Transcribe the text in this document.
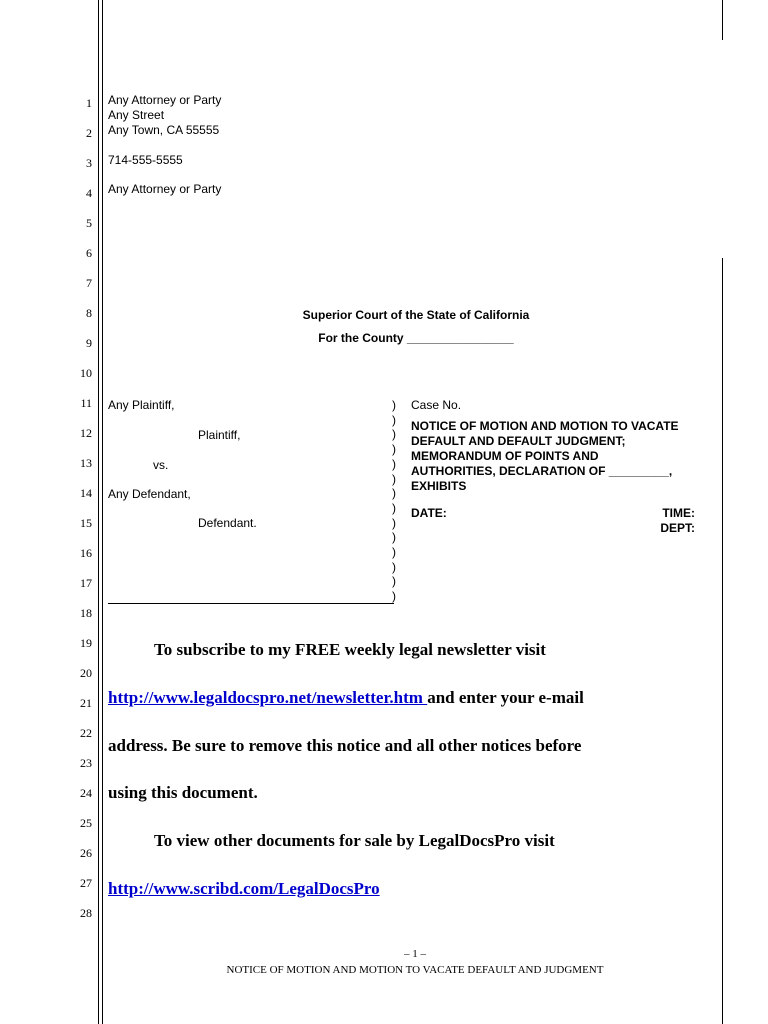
1
2
3
4
5
6
7
8
9
10
11
12
13
14
15
16
17
18
19
20
21
22
23
24
25
26
27
28
Any Attorney or Party
Any Street
Any Town, CA 55555
714-555-5555
Any Attorney or Party
Superior Court of the State of California
For the County ________________
Any Plaintiff,
Plaintiff,
vs.
Any Defendant,
Defendant.
)
)
)
)
)
)
)
)
)
)
)
)
)
)
Case No.
NOTICE OF MOTION AND MOTION TO VACATE
DEFAULT AND DEFAULT JUDGMENT;
MEMORANDUM OF POINTS AND
AUTHORITIES, DECLARATION OF _________,
EXHIBITS
DATE:	TIME:
DEPT:
To subscribe to my FREE weekly legal newsletter visit
http://www.legaldocspro.net/newsletter.htm and enter your e-mail
address. Be sure to remove this notice and all other notices before
using this document.
To view other documents for sale by LegalDocsPro visit
http://www.scribd.com/LegalDocsPro
– 1 –
NOTICE OF MOTION AND MOTION TO VACATE DEFAULT AND JUDGMENT
